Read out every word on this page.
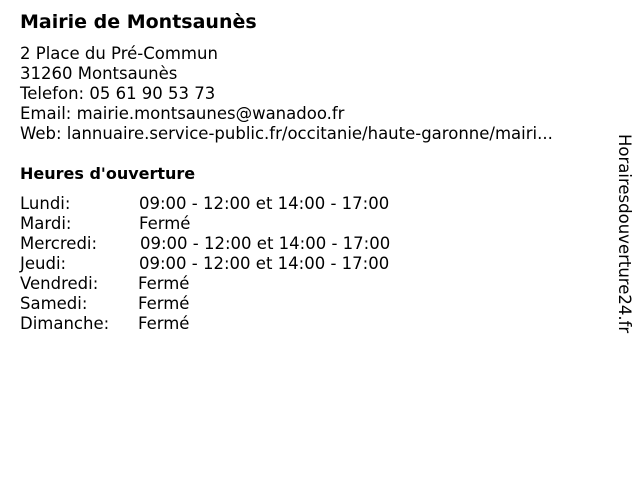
Mairie de Montsaunès
2 Place du Pré-Commun
31260 Montsaunès
Telefon: 05 61 90 53 73
Email: mairie.montsaunes@wanadoo.fr
Web: lannuaire.service-public.fr/occitanie/haute-garonne/mairi...
Heures d'ouverture
Lundi:	09:00 - 12:00 et 14:00 - 17:00
Mardi:	Fermé
Mercredi:	09:00 - 12:00 et 14:00 - 17:00
Jeudi:	09:00 - 12:00 et 14:00 - 17:00
Vendredi: Fermé
Samedi:	Fermé
Dimanche: Fermé	Horairesdouverture24.fr
